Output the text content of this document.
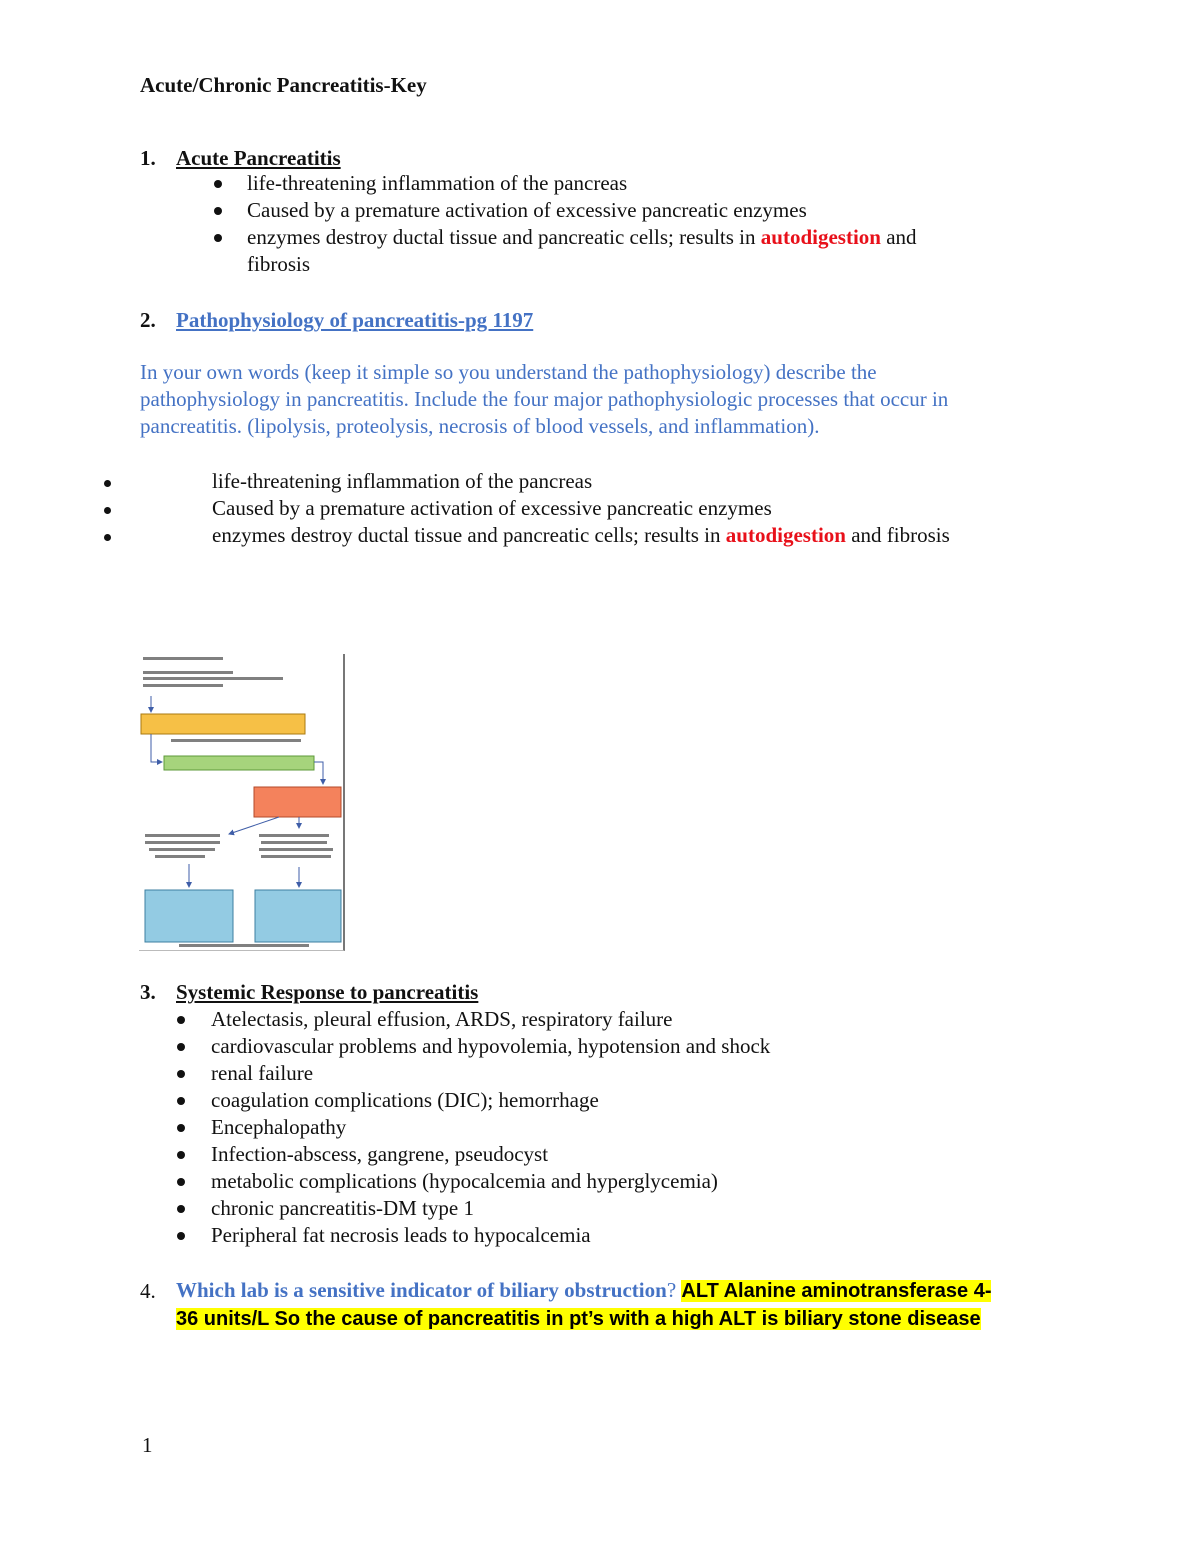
Acute/Chronic Pancreatitis-Key
1. Acute Pancreatitis
life-threatening inflammation of the pancreas
Caused by a premature activation of excessive pancreatic enzymes
enzymes destroy ductal tissue and pancreatic cells; results in autodigestion and
fibrosis
2. Pathophysiology of pancreatitis-pg 1197
In your own words (keep it simple so you understand the pathophysiology) describe the
pathophysiology in pancreatitis. Include the four major pathophysiologic processes that occur in
pancreatitis. (lipolysis, proteolysis, necrosis of blood vessels, and inflammation).
life-threatening inflammation of the pancreas
Caused by a premature activation of excessive pancreatic enzymes
enzymes destroy ductal tissue and pancreatic cells; results in autodigestion and fibrosis
3. Systemic Response to pancreatitis
Atelectasis, pleural effusion, ARDS, respiratory failure
cardiovascular problems and hypovolemia, hypotension and shock
renal failure
coagulation complications (DIC); hemorrhage
Encephalopathy
Infection-abscess, gangrene, pseudocyst
metabolic complications (hypocalcemia and hyperglycemia)
chronic pancreatitis-DM type 1
Peripheral fat necrosis leads to hypocalcemia
4. Which lab is a sensitive indicator of biliary obstruction? ALT Alanine aminotransferase 4-
36 units/L So the cause of pancreatitis in pt’s with a high ALT is biliary stone disease
1
